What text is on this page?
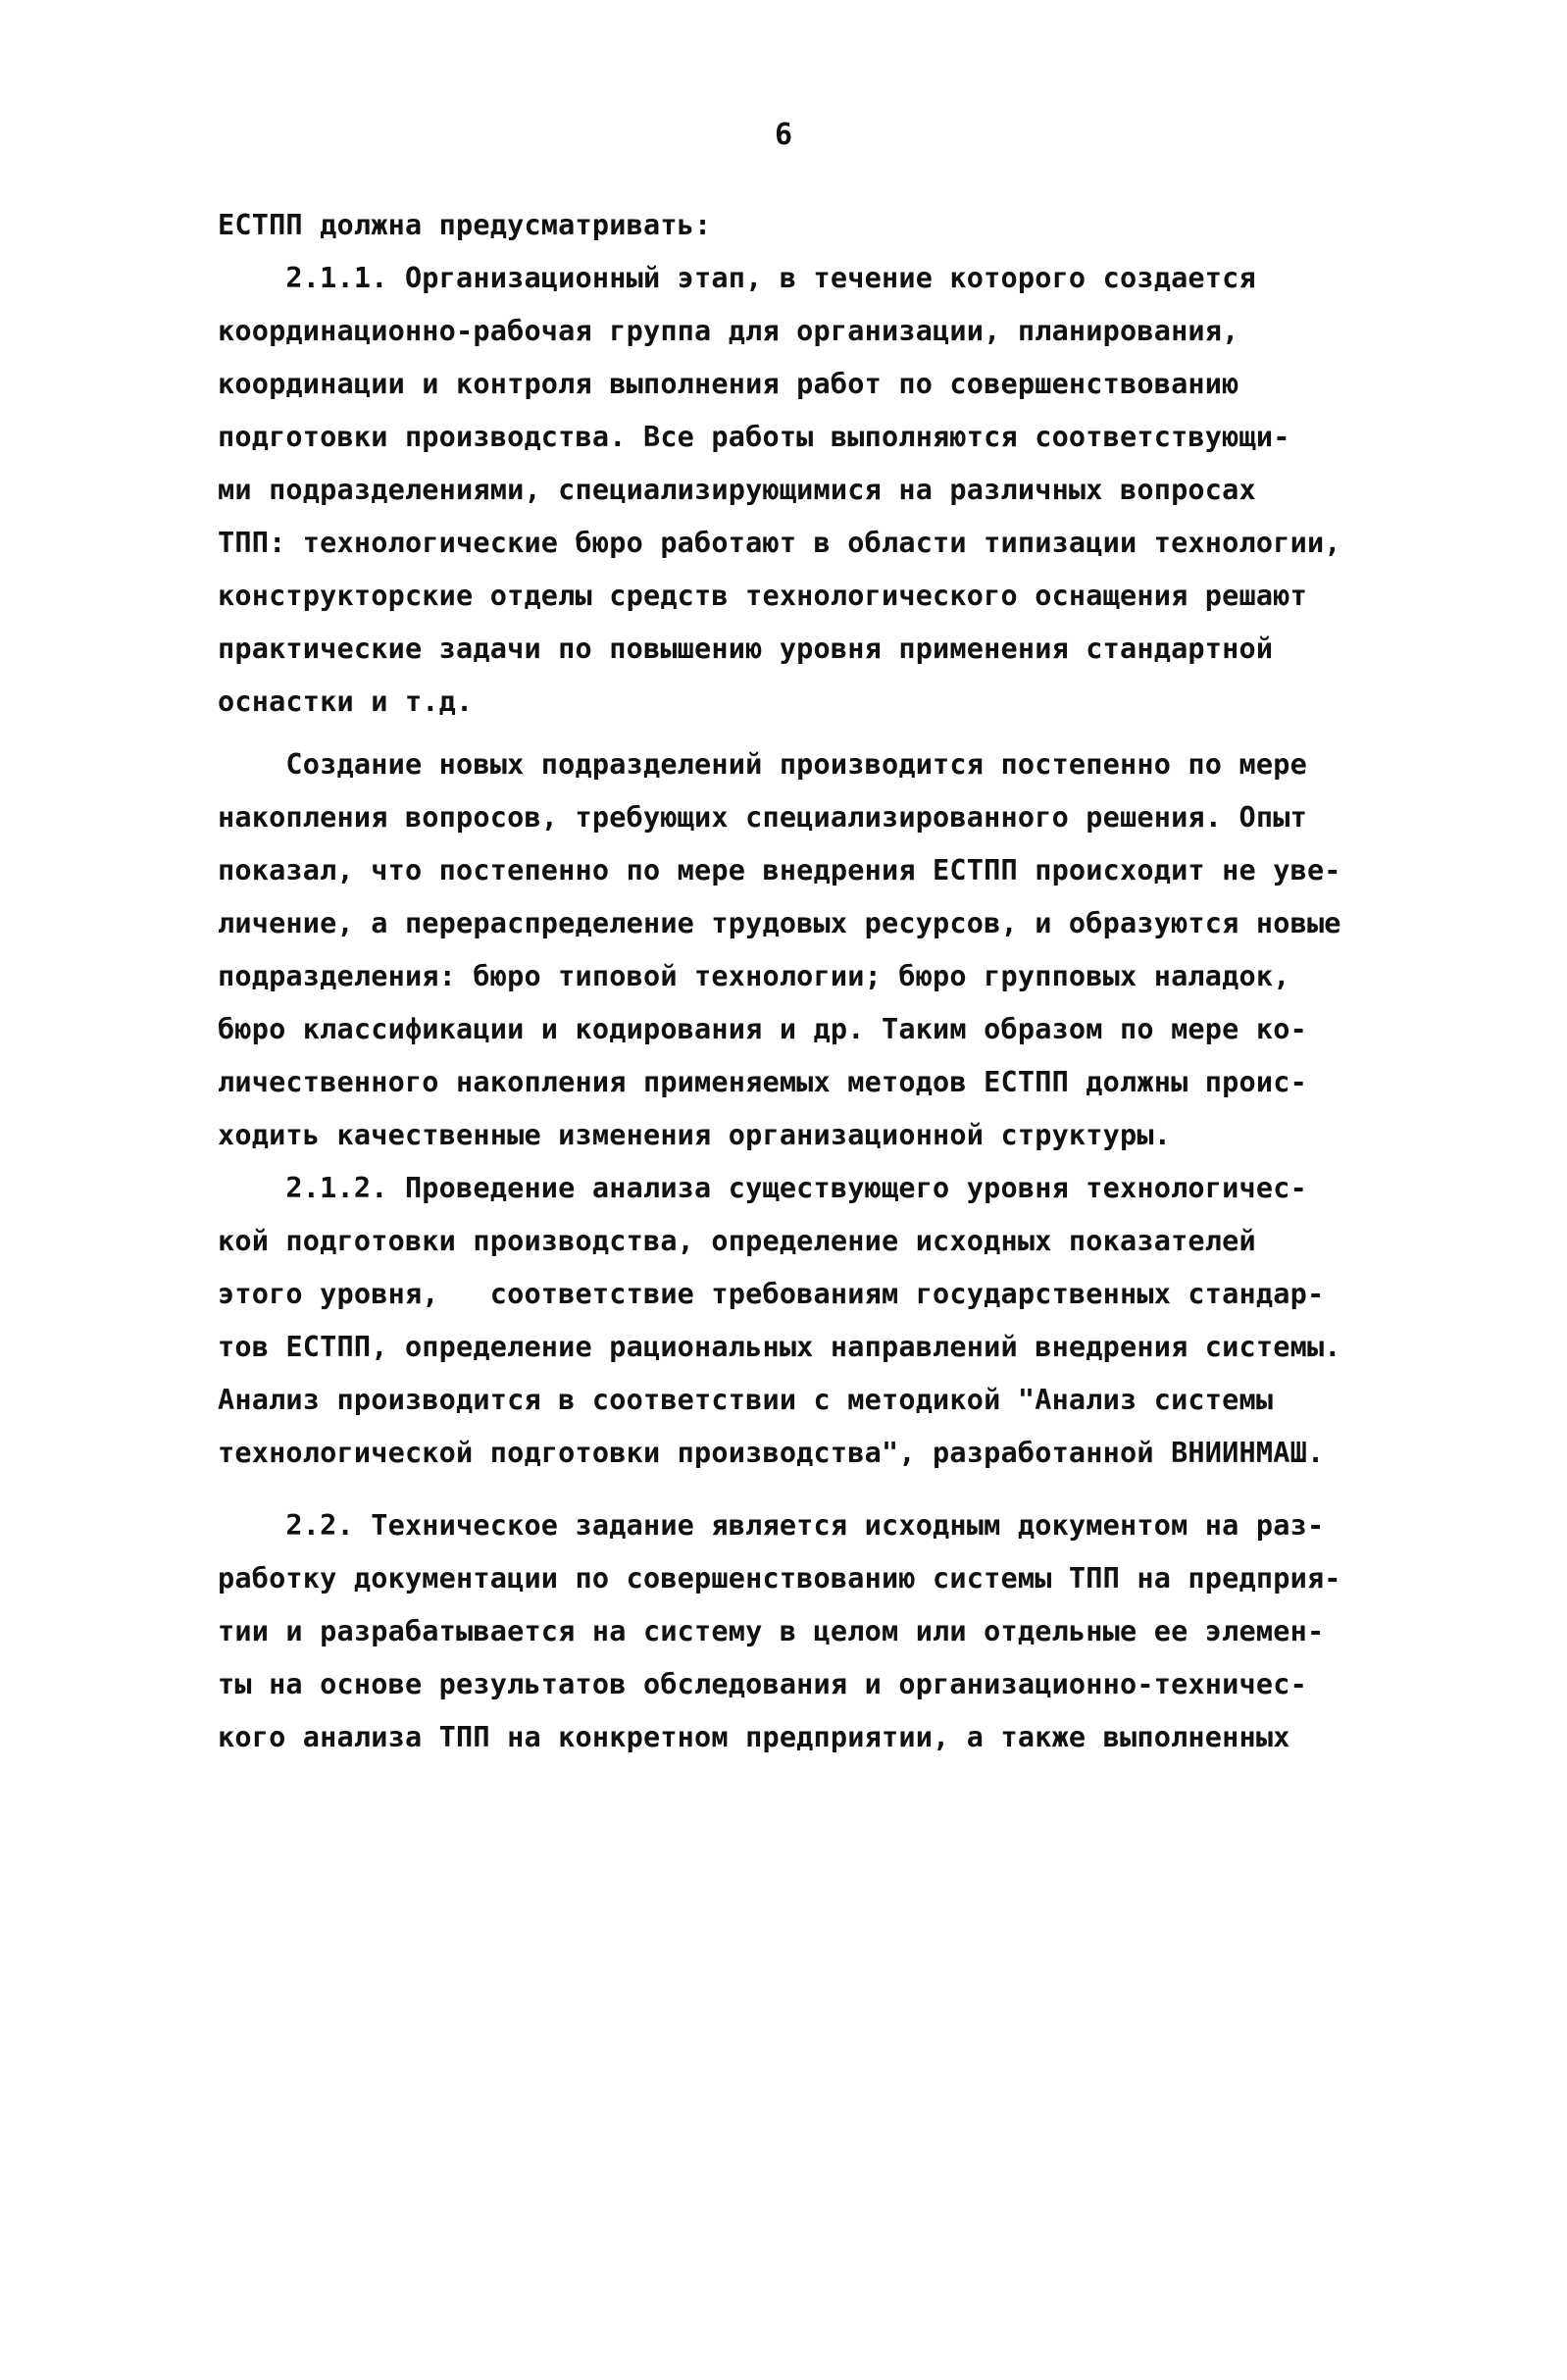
6
ЕСТПП должна предусматривать:
2.1.1. Организационный этап, в течение которого создается
координационно-рабочая группа для организации, планирования,
координации и контроля выполнения работ по совершенствованию
подготовки производства. Все работы выполняются соответствующи-
ми подразделениями, специализирующимися на различных вопросах
ТПП: технологические бюро работают в области типизации технологии,
конструкторские отделы средств технологического оснащения решают
практические задачи по повышению уровня применения стандартной
оснастки и т.д.
Создание новых подразделений производится постепенно по мере
накопления вопросов, требующих специализированного решения. Опыт
показал, что постепенно по мере внедрения ЕСТПП происходит не уве-
личение, а перераспределение трудовых ресурсов, и образуются новые
подразделения: бюро типовой технологии; бюро групповых наладок,
бюро классификации и кодирования и др. Таким образом по мере ко-
личественного накопления применяемых методов ЕСТПП должны проис-
ходить качественные изменения организационной структуры.
2.1.2. Проведение анализа существующего уровня технологичес-
кой подготовки производства, определение исходных показателей
этого уровня,   соответствие требованиям государственных стандар-
тов ЕСТПП, определение рациональных направлений внедрения системы.
Анализ производится в соответствии с методикой "Анализ системы
технологической подготовки производства", разработанной ВНИИНМАШ.
2.2. Техническое задание является исходным документом на раз-
работку документации по совершенствованию системы ТПП на предприя-
тии и разрабатывается на систему в целом или отдельные ее элемен-
ты на основе результатов обследования и организационно-техничес-
кого анализа ТПП на конкретном предприятии, а также выполненных
